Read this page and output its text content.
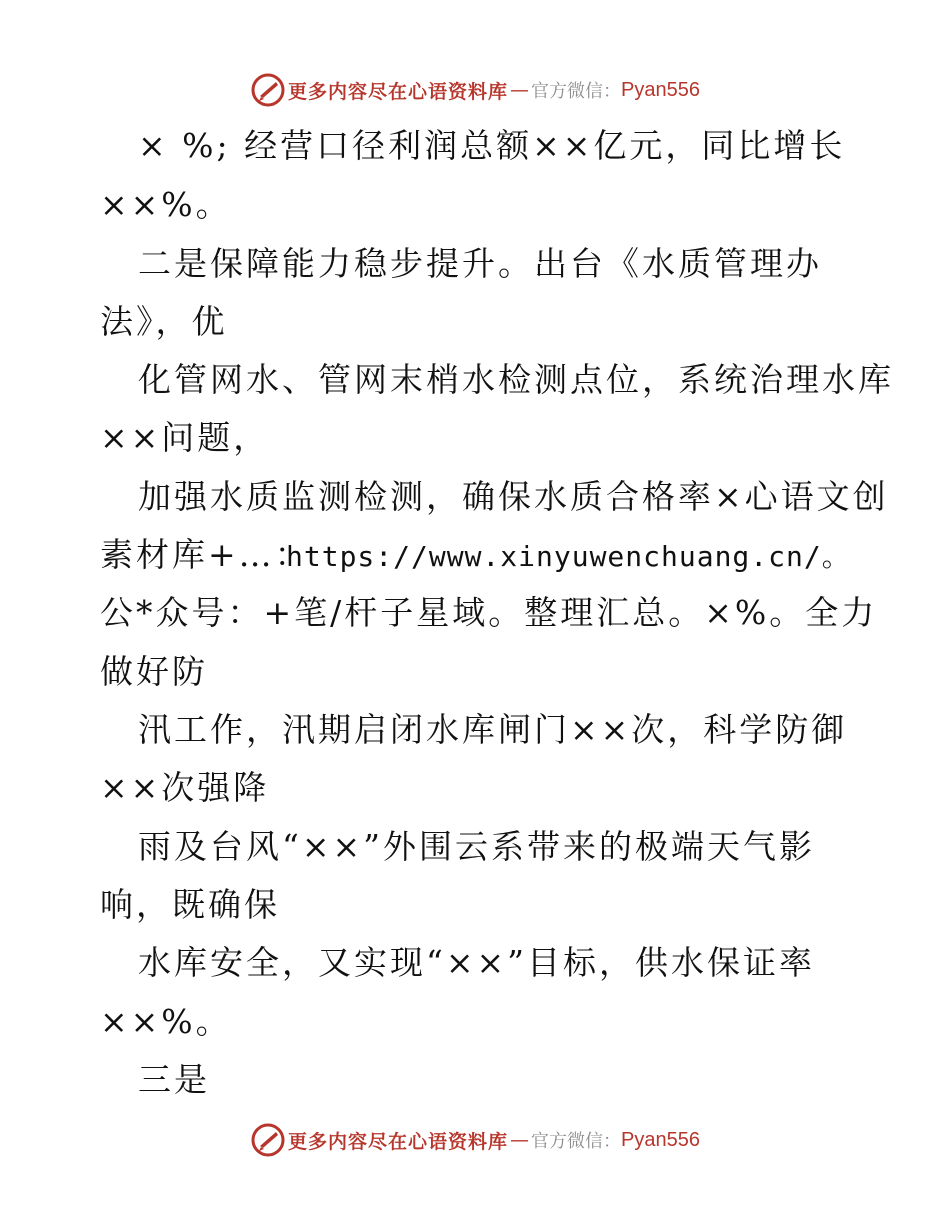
更多内容尽在心语资料库 — 官方微信： Pyan556
× %; 经营口径利润总额××亿元，同比增长
××%。
二是保障能力稳步提升。出台《水质管理办
法》，优
化管网水、管网末梢水检测点位，系统治理水库
××问题，
加强水质监测检测，确保水质合格率×心语文创
素材库+…：
https://www.xinyuwenchuang.cn/。
公*众号：+笔/杆子星域。整理汇总。×%。全力
做好防
汛工作，汛期启闭水库闸门××次，科学防御
××次强降
雨及台风“××”外围云系带来的极端天气影
响，既确保
水库安全，又实现“××”目标，供水保证率
××%。
三是
更多内容尽在心语资料库 — 官方微信： Pyan556
